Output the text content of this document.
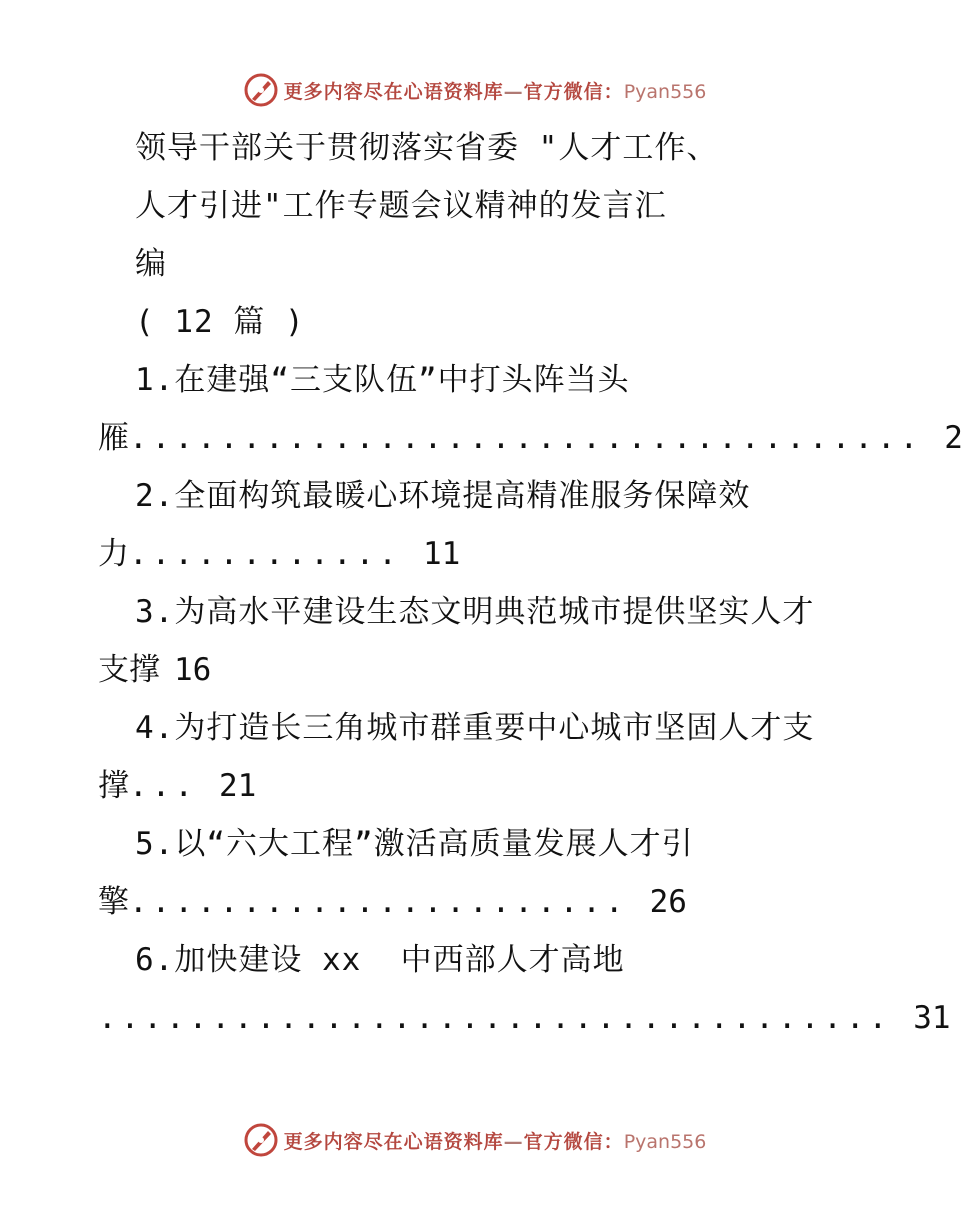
更多内容尽在心语资料库—官方微信：Pyan556
领导干部关于贯彻落实省委 "人才工作、
人才引进"工作专题会议精神的发言汇
编
( 12 篇 )
1.在建强“三支队伍”中打头阵当头
雁 ................................... 2
2.全面构筑最暖心环境提高精准服务保障效
力 ............ 11
3.为高水平建设生态文明典范城市提供坚实人才
支撑 16
4.为打造长三角城市群重要中心城市坚固人才支
撑 ... 21
5.以“六大工程”激活高质量发展人才引
擎 ...................... 26
6.加快建设 xx  中西部人才高地
................................... 31
更多内容尽在心语资料库—官方微信：Pyan556
